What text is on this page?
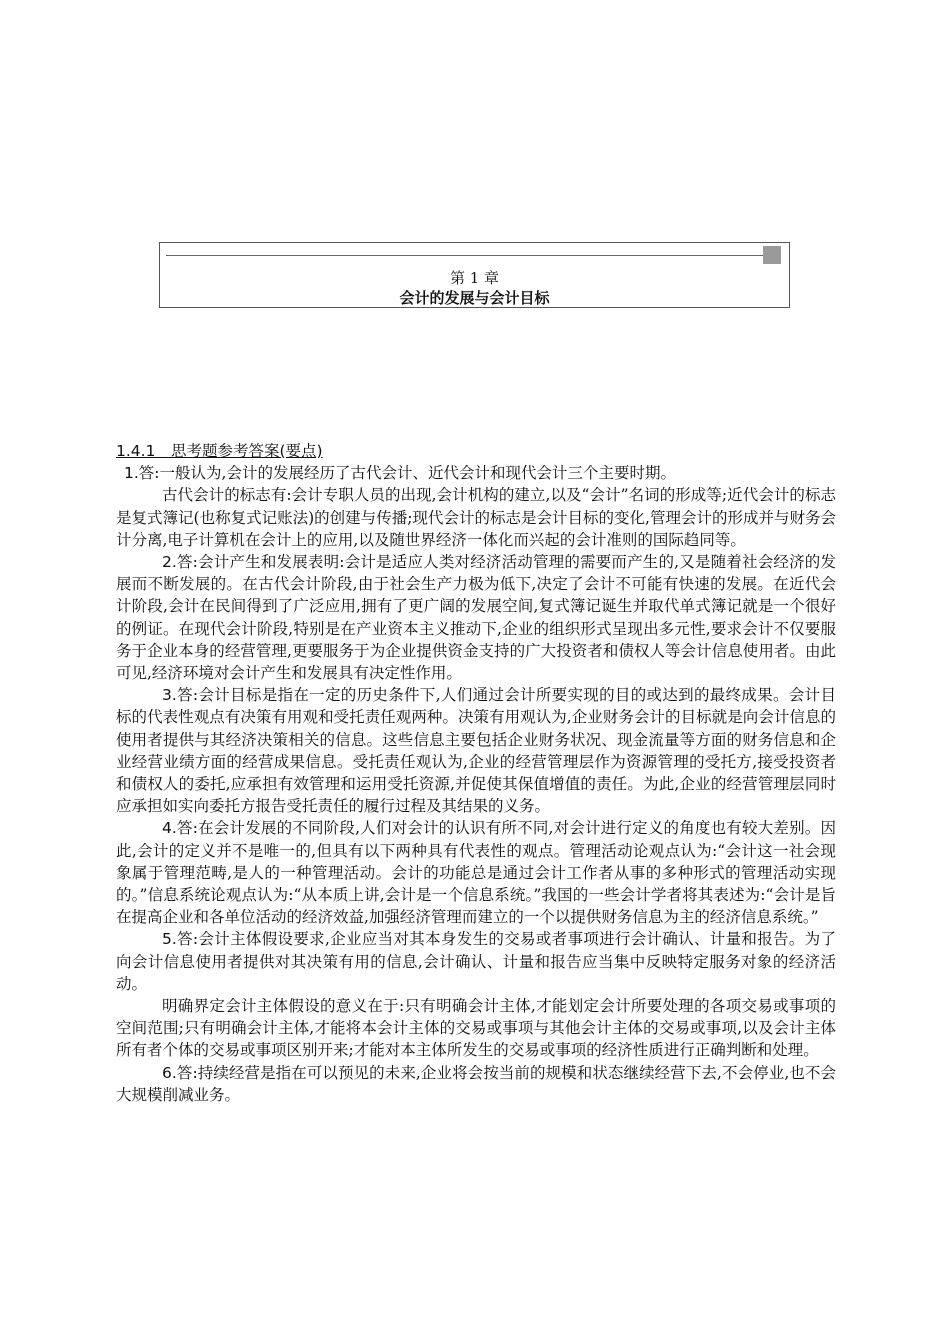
第 1 章
会计的发展与会计目标
1.4.1　思考题参考答案(要点)

1.答:一般认为,会计的发展经历了古代会计、近代会计和现代会计三个主要时期。

古代会计的标志有:会计专职人员的出现,会计机构的建立,以及“会计”名词的形成等;近代会计的标志是复式簿记(也称复式记账法)的创建与传播;现代会计的标志是会计目标的变化,管理会计的形成并与财务会计分离,电子计算机在会计上的应用,以及随世界经济一体化而兴起的会计准则的国际趋同等。

2.答:会计产生和发展表明:会计是适应人类对经济活动管理的需要而产生的,又是随着社会经济的发展而不断发展的。在古代会计阶段,由于社会生产力极为低下,决定了会计不可能有快速的发展。在近代会计阶段,会计在民间得到了广泛应用,拥有了更广阔的发展空间,复式簿记诞生并取代单式簿记就是一个很好的例证。在现代会计阶段,特别是在产业资本主义推动下,企业的组织形式呈现出多元性,要求会计不仅要服务于企业本身的经营管理,更要服务于为企业提供资金支持的广大投资者和债权人等会计信息使用者。由此可见,经济环境对会计产生和发展具有决定性作用。

3.答:会计目标是指在一定的历史条件下,人们通过会计所要实现的目的或达到的最终成果。会计目标的代表性观点有决策有用观和受托责任观两种。决策有用观认为,企业财务会计的目标就是向会计信息的使用者提供与其经济决策相关的信息。这些信息主要包括企业财务状况、现金流量等方面的财务信息和企业经营业绩方面的经营成果信息。受托责任观认为,企业的经营管理层作为资源管理的受托方,接受投资者和债权人的委托,应承担有效管理和运用受托资源,并促使其保值增值的责任。为此,企业的经营管理层同时应承担如实向委托方报告受托责任的履行过程及其结果的义务。

4.答:在会计发展的不同阶段,人们对会计的认识有所不同,对会计进行定义的角度也有较大差别。因此,会计的定义并不是唯一的,但具有以下两种具有代表性的观点。管理活动论观点认为:“会计这一社会现象属于管理范畴,是人的一种管理活动。会计的功能总是通过会计工作者从事的多种形式的管理活动实现的。”信息系统论观点认为:“从本质上讲,会计是一个信息系统。”我国的一些会计学者将其表述为:“会计是旨在提高企业和各单位活动的经济效益,加强经济管理而建立的一个以提供财务信息为主的经济信息系统。”

5.答:会计主体假设要求,企业应当对其本身发生的交易或者事项进行会计确认、计量和报告。为了向会计信息使用者提供对其决策有用的信息,会计确认、计量和报告应当集中反映特定服务对象的经济活动。

明确界定会计主体假设的意义在于:只有明确会计主体,才能划定会计所要处理的各项交易或事项的空间范围;只有明确会计主体,才能将本会计主体的交易或事项与其他会计主体的交易或事项,以及会计主体所有者个体的交易或事项区别开来;才能对本主体所发生的交易或事项的经济性质进行正确判断和处理。

6.答:持续经营是指在可以预见的未来,企业将会按当前的规模和状态继续经营下去,不会停业,也不会大规模削减业务。
